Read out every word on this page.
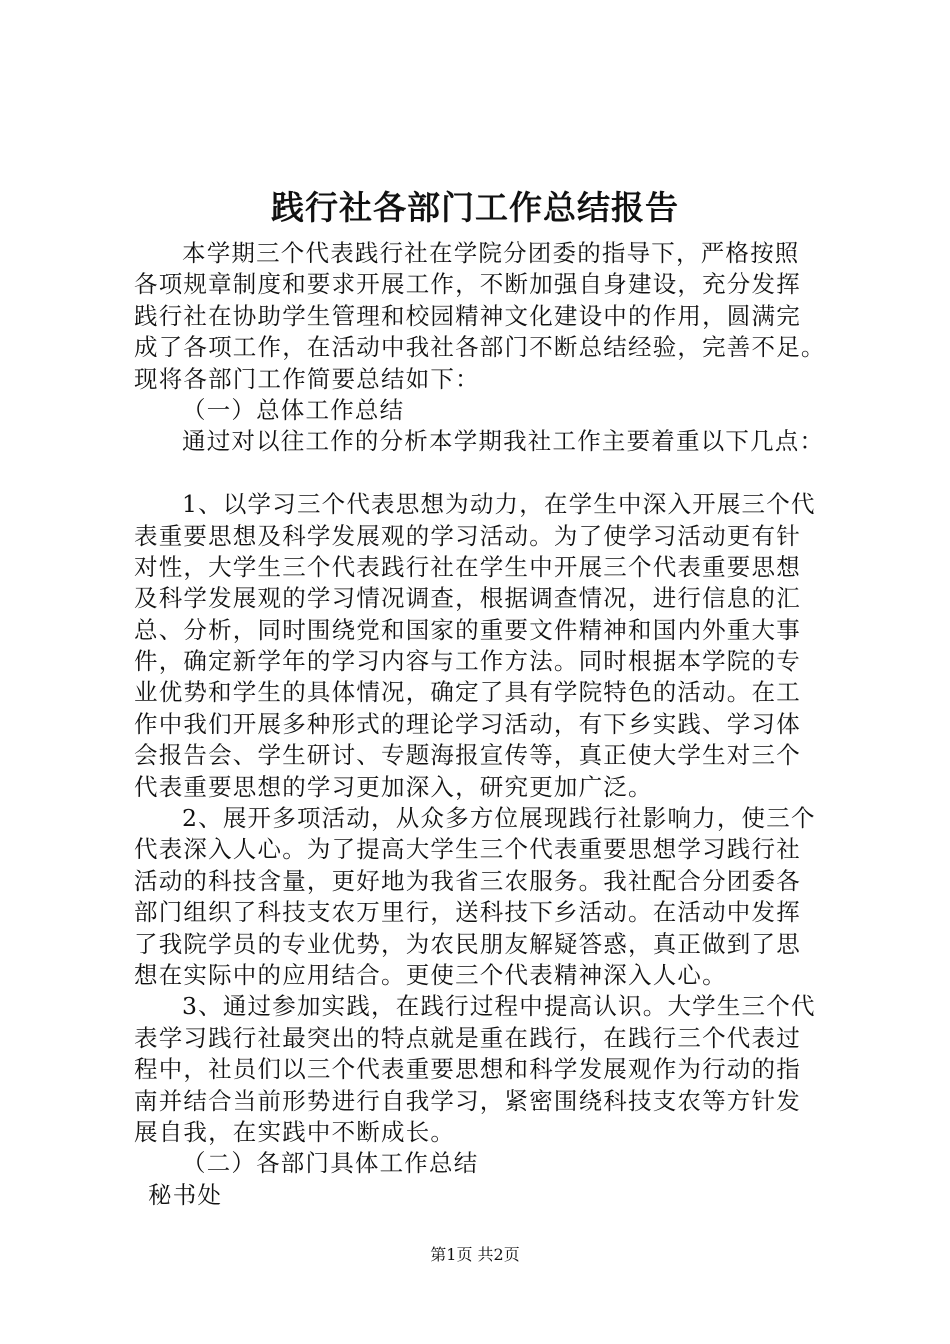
践行社各部门工作总结报告
本学期三个代表践行社在学院分团委的指导下，严格按照
各项规章制度和要求开展工作，不断加强自身建设，充分发挥
践行社在协助学生管理和校园精神文化建设中的作用，圆满完
成了各项工作，在活动中我社各部门不断总结经验，完善不足。
现将各部门工作简要总结如下：
（一）总体工作总结
通过对以往工作的分析本学期我社工作主要着重以下几点：
1、以学习三个代表思想为动力，在学生中深入开展三个代
表重要思想及科学发展观的学习活动。为了使学习活动更有针
对性，大学生三个代表践行社在学生中开展三个代表重要思想
及科学发展观的学习情况调查，根据调查情况，进行信息的汇
总、分析，同时围绕党和国家的重要文件精神和国内外重大事
件，确定新学年的学习内容与工作方法。同时根据本学院的专
业优势和学生的具体情况，确定了具有学院特色的活动。在工
作中我们开展多种形式的理论学习活动，有下乡实践、学习体
会报告会、学生研讨、专题海报宣传等，真正使大学生对三个
代表重要思想的学习更加深入，研究更加广泛。
2、展开多项活动，从众多方位展现践行社影响力，使三个
代表深入人心。为了提高大学生三个代表重要思想学习践行社
活动的科技含量，更好地为我省三农服务。我社配合分团委各
部门组织了科技支农万里行，送科技下乡活动。在活动中发挥
了我院学员的专业优势，为农民朋友解疑答惑，真正做到了思
想在实际中的应用结合。更使三个代表精神深入人心。
3、通过参加实践，在践行过程中提高认识。大学生三个代
表学习践行社最突出的特点就是重在践行，在践行三个代表过
程中，社员们以三个代表重要思想和科学发展观作为行动的指
南并结合当前形势进行自我学习，紧密围绕科技支农等方针发
展自我，在实践中不断成长。
（二）各部门具体工作总结
秘书处
第1页 共2页
